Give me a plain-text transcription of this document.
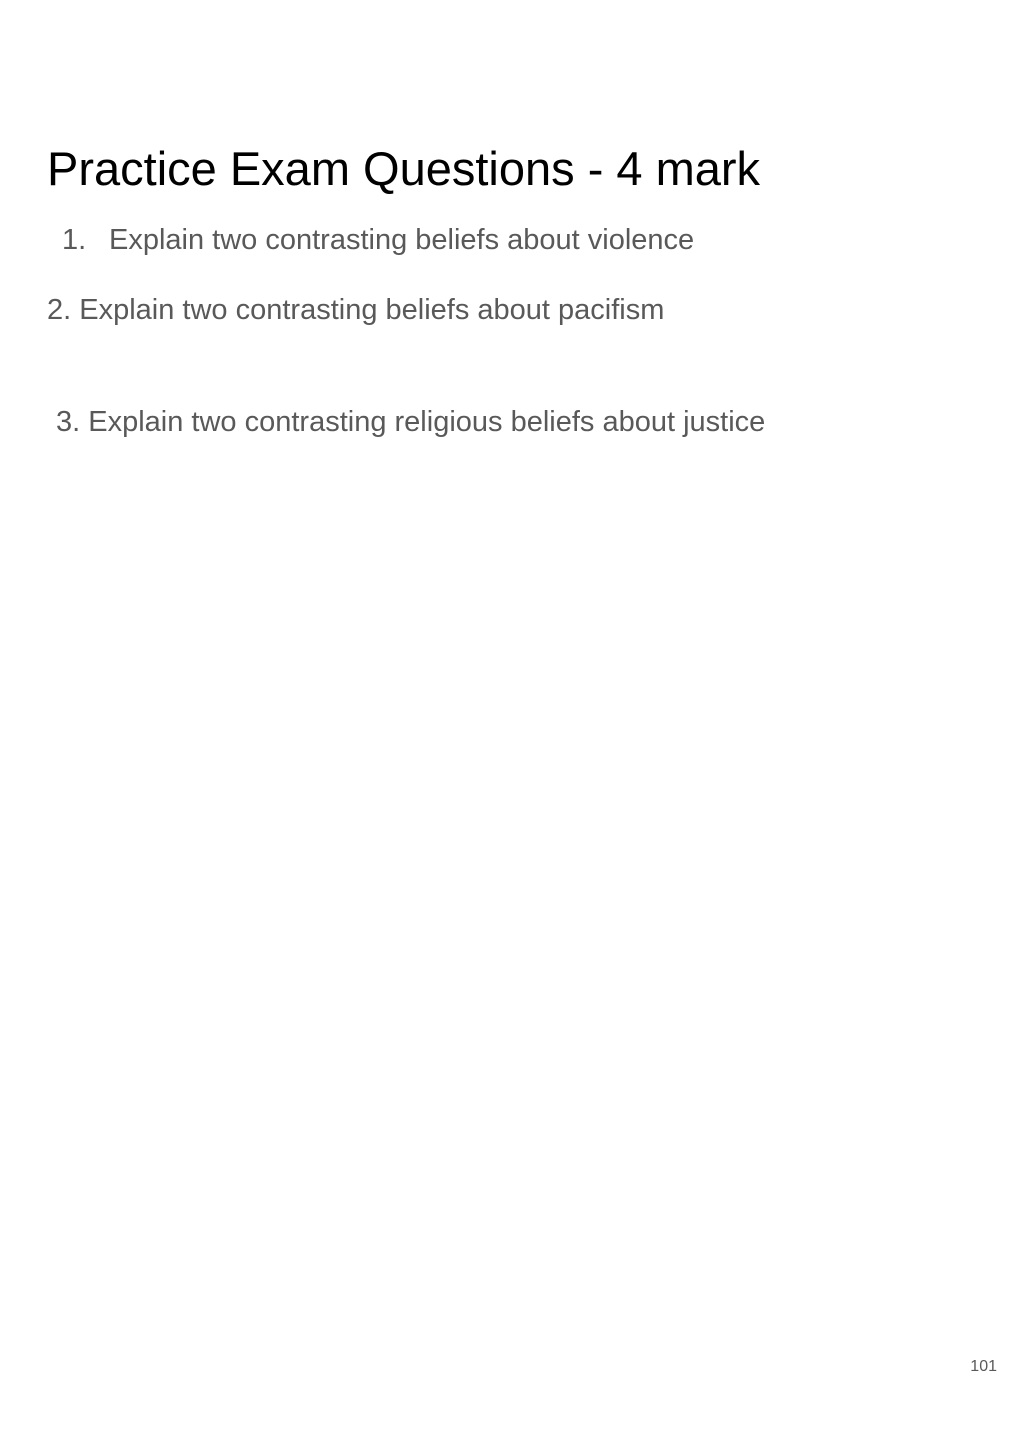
Practice Exam Questions - 4 mark

1. Explain two contrasting beliefs about violence

2. Explain two contrasting beliefs about pacifism

3. Explain two contrasting religious beliefs about justice

101
